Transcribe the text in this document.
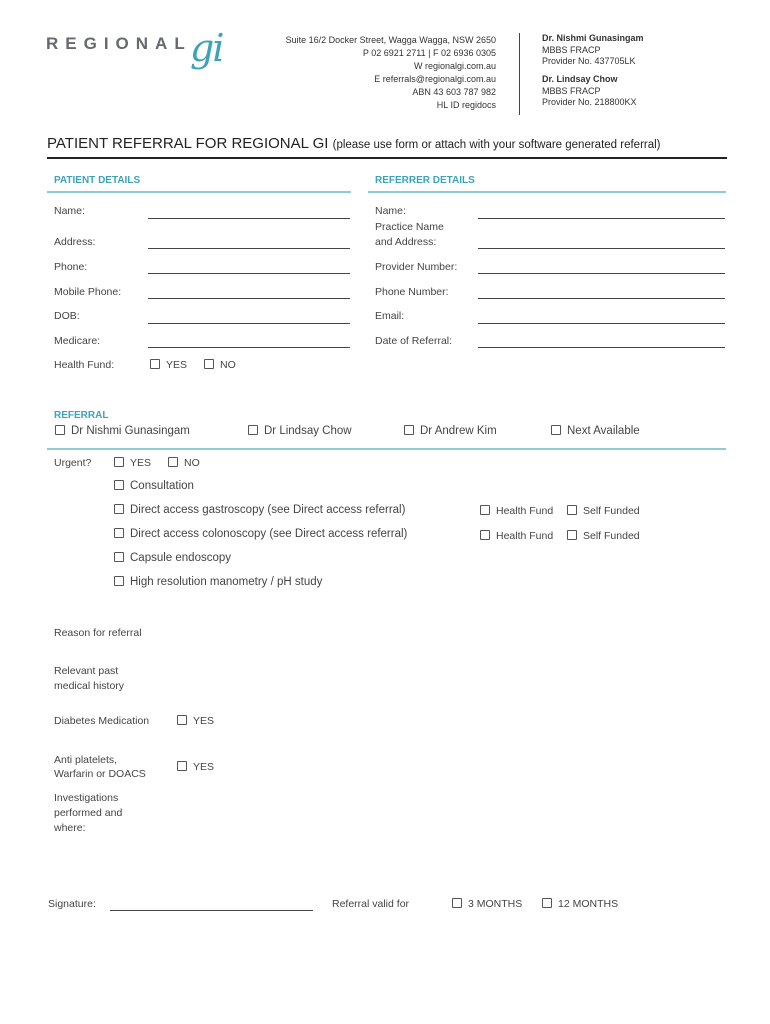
REGIONAL
gi	Suite 16/2 Docker Street, Wagga Wagga, NSW 2650
P 02 6921 2711 | F 02 6936 0305
W regionalgi.com.au
E referrals@regionalgi.com.au
ABN 43 603 787 982
HL ID regidocs
Dr. Nishmi Gunasingam
MBBS FRACP
Provider No. 437705LK
Dr. Lindsay Chow
MBBS FRACP
Provider No. 218800KX
PATIENT REFERRAL FOR REGIONAL GI (please use form or attach with your software generated referral)
PATIENT DETAILS
Name:
Address:
Phone:
Mobile Phone:
DOB:
Medicare:
Health Fund:	YES	NO
REFERRER DETAILS
Name:
Practice Name
and Address:
Provider Number:
Phone Number:
Email:
Date of Referral:
REFERRAL
Dr Nishmi Gunasingam	Dr Lindsay Chow	Dr Andrew Kim	Next Available
Urgent?	YES	NO
Consultation
Direct access gastroscopy (see Direct access referral)	Health Fund	Self Funded
Direct access colonoscopy (see Direct access referral)	Health Fund	Self Funded
Capsule endoscopy
High resolution manometry / pH study
Reason for referral
Relevant past
medical history
Diabetes Medication	YES
Anti platelets,
Warfarin or DOACS
YES
Investigations
performed and
where:
Signature:	Referral valid for	3 MONTHS	12 MONTHS
